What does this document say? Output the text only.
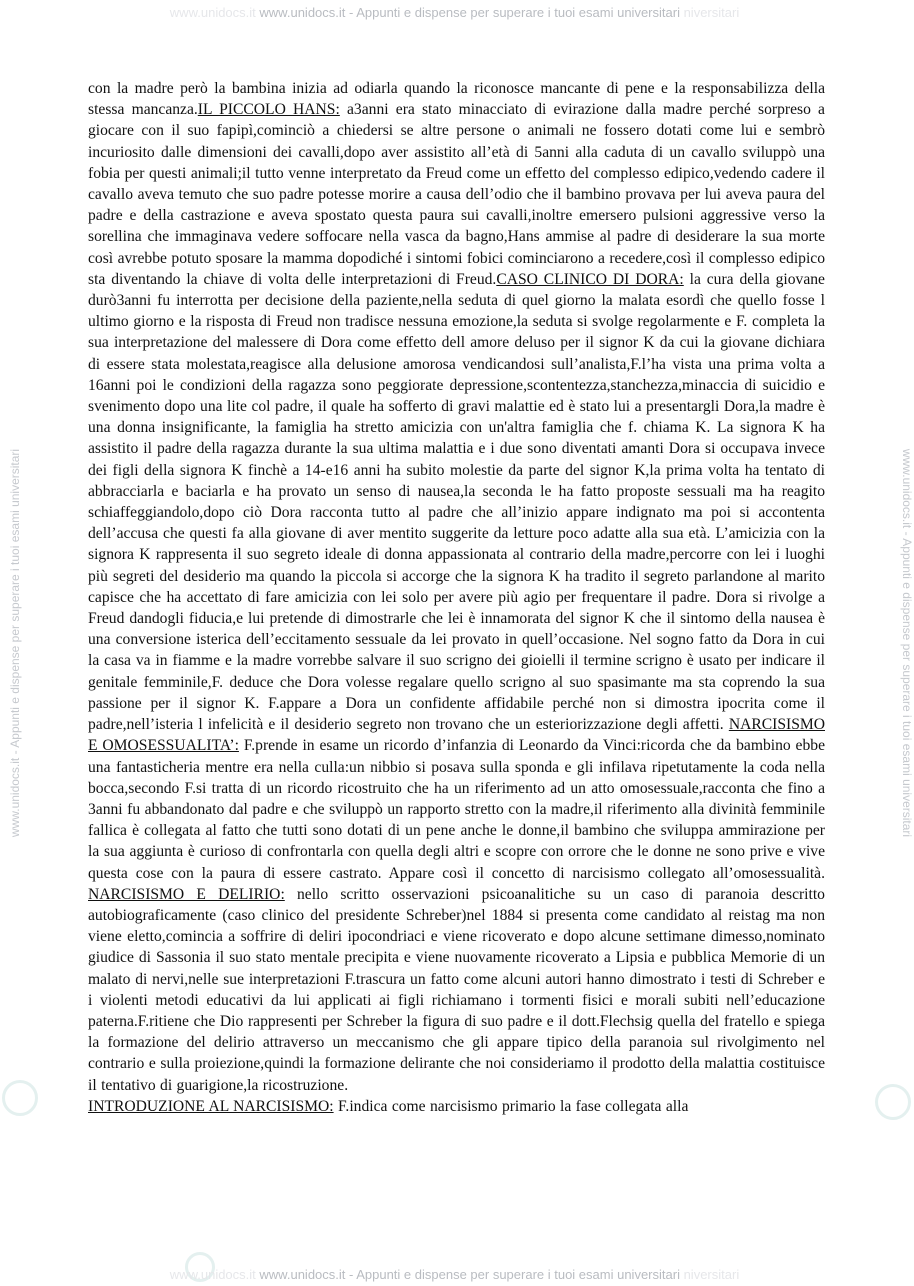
www.unidocs.it www.unidocs.it - Appunti e dispense per superare i tuoi esami universitari niversitari
www.unidocs.it - Appunti e dispense per superare i tuoi esami universitari	www.unidocs.it - Appunti e dispense per superare i tuoi esami universitari
con la madre però la bambina inizia ad odiarla quando la riconosce mancante di pene e la responsabilizza della stessa mancanza.IL PICCOLO HANS: a3anni era stato minacciato di evirazione dalla madre perché sorpreso a giocare con il suo fapipì,cominciò a chiedersi se altre persone o animali ne fossero dotati come lui e sembrò incuriosito dalle dimensioni dei cavalli,dopo aver assistito all’età di 5anni alla caduta di un cavallo sviluppò una fobia per questi animali;il tutto venne interpretato da Freud come un effetto del complesso edipico,vedendo cadere il cavallo aveva temuto che suo padre potesse morire a causa dell’odio che il bambino provava per lui aveva paura del padre e della castrazione e aveva spostato questa paura sui cavalli,inoltre emersero pulsioni aggressive verso la sorellina che immaginava vedere soffocare nella vasca da bagno,Hans ammise al padre di desiderare la sua morte così avrebbe potuto sposare la mamma dopodiché i sintomi fobici cominciarono a recedere,così il complesso edipico sta diventando la chiave di volta delle interpretazioni di Freud.CASO CLINICO DI DORA: la cura della giovane durò3anni fu interrotta per decisione della paziente,nella seduta di quel giorno la malata esordì che quello fosse l ultimo giorno e la risposta di Freud non tradisce nessuna emozione,la seduta si svolge regolarmente e F. completa la sua interpretazione del malessere di Dora come effetto dell amore deluso per il signor K da cui la giovane dichiara di essere stata molestata,reagisce alla delusione amorosa vendicandosi sull’analista,F.l’ha vista una prima volta a 16anni poi le condizioni della ragazza sono peggiorate depressione,scontentezza,stanchezza,minaccia di suicidio e svenimento dopo una lite col padre, il quale ha sofferto di gravi malattie ed è stato lui a presentargli Dora,la madre è una donna insignificante, la famiglia ha stretto amicizia con un'altra famiglia che f. chiama K. La signora K ha assistito il padre della ragazza durante la sua ultima malattia e i due sono diventati amanti Dora si occupava invece dei figli della signora K finchè a 14-e16 anni ha subito molestie da parte del signor K,la prima volta ha tentato di abbracciarla e baciarla e ha provato un senso di nausea,la seconda le ha fatto proposte sessuali ma ha reagito schiaffeggiandolo,dopo ciò Dora racconta tutto al padre che all’inizio appare indignato ma poi si accontenta dell’accusa che questi fa alla giovane di aver mentito suggerite da letture poco adatte alla sua età. L’amicizia con la signora K rappresenta il suo segreto ideale di donna appassionata al contrario della madre,percorre con lei i luoghi più segreti del desiderio ma quando la piccola si accorge che la signora K ha tradito il segreto parlandone al marito capisce che ha accettato di fare amicizia con lei solo per avere più agio per frequentare il padre. Dora si rivolge a Freud dandogli fiducia,e lui pretende di dimostrarle che lei è innamorata del signor K che il sintomo della nausea è una conversione isterica dell’eccitamento sessuale da lei provato in quell’occasione. Nel sogno fatto da Dora in cui la casa va in fiamme e la madre vorrebbe salvare il suo scrigno dei gioielli il termine scrigno è usato per indicare il genitale femminile,F. deduce che Dora volesse regalare quello scrigno al suo spasimante ma sta coprendo la sua passione per il signor K. F.appare a Dora un confidente affidabile perché non si dimostra ipocrita come il padre,nell’isteria l infelicità e il desiderio segreto non trovano che un esteriorizzazione degli affetti. NARCISISMO E OMOSESSUALITA’: F.prende in esame un ricordo d’infanzia di Leonardo da Vinci:ricorda che da bambino ebbe una fantasticheria mentre era nella culla:un nibbio si posava sulla sponda e gli infilava ripetutamente la coda nella bocca,secondo F.si tratta di un ricordo ricostruito che ha un riferimento ad un atto omosessuale,racconta che fino a 3anni fu abbandonato dal padre e che sviluppò un rapporto stretto con la madre,il riferimento alla divinità femminile fallica è collegata al fatto che tutti sono dotati di un pene anche le donne,il bambino che sviluppa ammirazione per la sua aggiunta è curioso di confrontarla con quella degli altri e scopre con orrore che le donne ne sono prive e vive questa cose con la paura di essere castrato. Appare così il concetto di narcisismo collegato all’omosessualità. NARCISISMO E DELIRIO: nello scritto osservazioni psicoanalitiche su un caso di paranoia descritto autobiograficamente (caso clinico del presidente Schreber)nel 1884 si presenta come candidato al reistag ma non viene eletto,comincia a soffrire di deliri ipocondriaci e viene ricoverato e dopo alcune settimane dimesso,nominato giudice di Sassonia il suo stato mentale precipita e viene nuovamente ricoverato a Lipsia e pubblica Memorie di un malato di nervi,nelle sue interpretazioni F.trascura un fatto come alcuni autori hanno dimostrato i testi di Schreber e i violenti metodi educativi da lui applicati ai figli richiamano i tormenti fisici e morali subiti nell’educazione paterna.F.ritiene che Dio rappresenti per Schreber la figura di suo padre e il dott.Flechsig quella del fratello e spiega la formazione del delirio attraverso un meccanismo che gli appare tipico della paranoia sul rivolgimento nel contrario e sulla proiezione,quindi la formazione delirante che noi consideriamo il prodotto della malattia costituisce il tentativo di guarigione,la ricostruzione.
INTRODUZIONE AL NARCISISMO: F.indica come narcisismo primario la fase collegata alla
www.unidocs.it www.unidocs.it - Appunti e dispense per superare i tuoi esami universitari niversitari
